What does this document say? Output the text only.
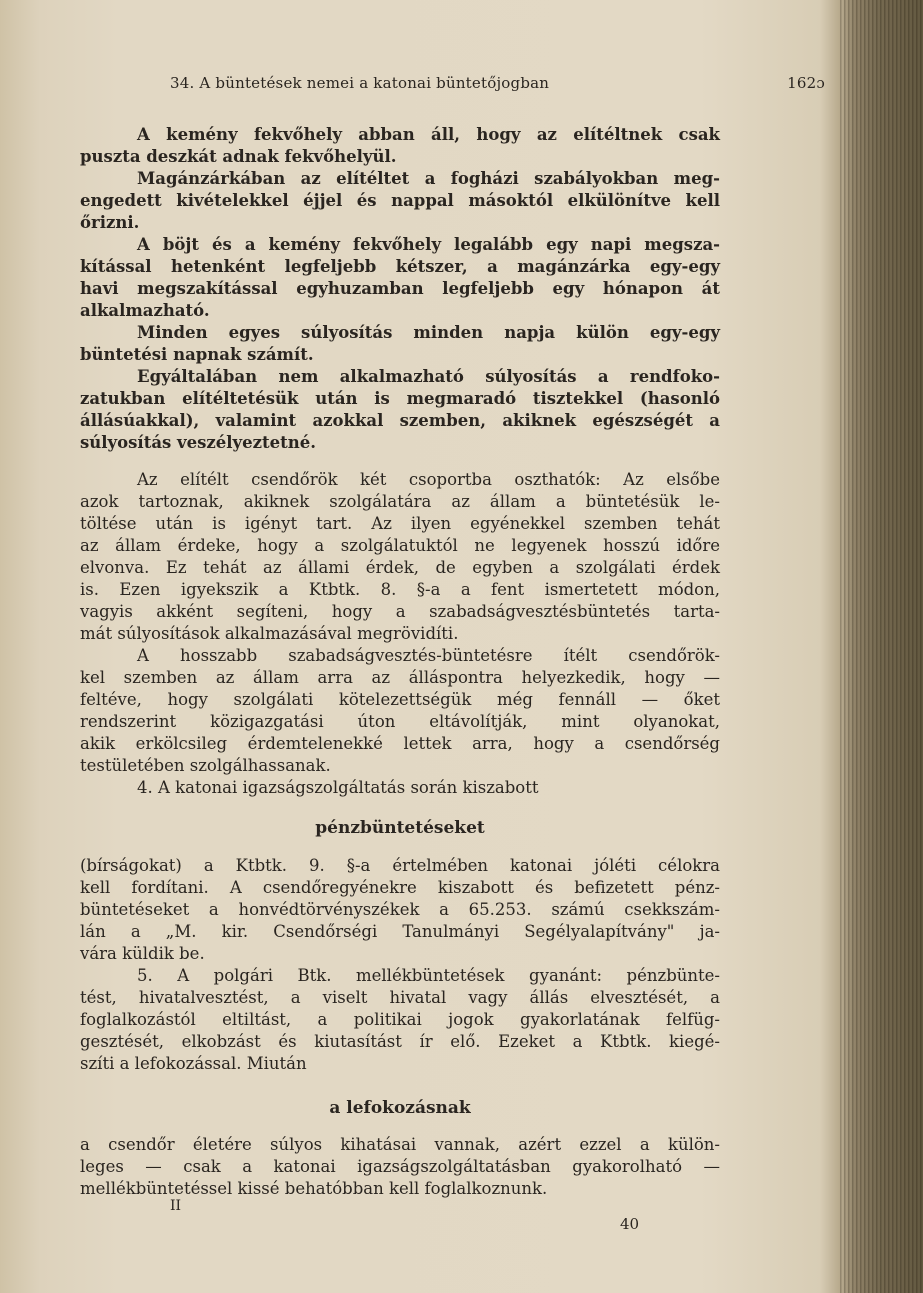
34. A büntetések nemei a katonai büntetőjogban	162ɔ
A kemény fekvőhely abban áll, hogy az elítéltnek csak
puszta deszkát adnak fekvőhelyül.
Magánzárkában az elítéltet a fogházi szabályokban meg-
engedett kivételekkel éjjel és nappal másoktól elkülönítve kell
őrizni.
A böjt és a kemény fekvőhely legalább egy napi megsza-
kítással hetenként legfeljebb kétszer, a magánzárka egy-egy
havi megszakítással egyhuzamban legfeljebb egy hónapon át
alkalmazható.
Minden egyes súlyosítás minden napja külön egy-egy
büntetési napnak számít.
Egyáltalában nem alkalmazható súlyosítás a rendfoko-
zatukban elítéltetésük után is megmaradó tisztekkel (hasonló
állásúakkal), valamint azokkal szemben, akiknek egészségét a
súlyosítás veszélyeztetné.
Az elítélt csendőrök két csoportba oszthatók: Az elsőbe
azok tartoznak, akiknek szolgálatára az állam a büntetésük le-
töltése után is igényt tart. Az ilyen egyénekkel szemben tehát
az állam érdeke, hogy a szolgálatuktól ne legyenek hosszú időre
elvonva. Ez tehát az állami érdek, de egyben a szolgálati érdek
is. Ezen igyekszik a Ktbtk. 8. §-a a fent ismertetett módon,
vagyis akként segíteni, hogy a szabadságvesztésbüntetés tarta-
mát súlyosítások alkalmazásával megrövidíti.
A hosszabb szabadságvesztés-büntetésre ítélt csendőrök-
kel szemben az állam arra az álláspontra helyezkedik, hogy —
feltéve, hogy szolgálati kötelezettségük még fennáll — őket
rendszerint közigazgatási úton eltávolítják, mint olyanokat,
akik erkölcsileg érdemtelenekké lettek arra, hogy a csendőrség
testületében szolgálhassanak.
4. A katonai igazságszolgáltatás során kiszabott
pénzbüntetéseket
(bírságokat) a Ktbtk. 9. §-a értelmében katonai jóléti célokra
kell fordítani. A csendőregyénekre kiszabott és befizetett pénz-
büntetéseket a honvédtörvényszékek a 65.253. számú csekkszám-
lán a „M. kir. Csendőrségi Tanulmányi Segélyalapítvány" ja-
vára küldik be.
5. A polgári Btk. mellékbüntetések gyanánt: pénzbünte-
tést, hivatalvesztést, a viselt hivatal vagy állás elvesztését, a
foglalkozástól eltiltást, a politikai jogok gyakorlatának felfüg-
gesztését, elkobzást és kiutasítást ír elő. Ezeket a Ktbtk. kiegé-
szíti a lefokozással. Miután
a lefokozásnak
a csendőr életére súlyos kihatásai vannak, azért ezzel a külön-
leges — csak a katonai igazságszolgáltatásban gyakorolható —
mellékbüntetéssel kissé behatóbban kell foglalkoznunk.
II
40
